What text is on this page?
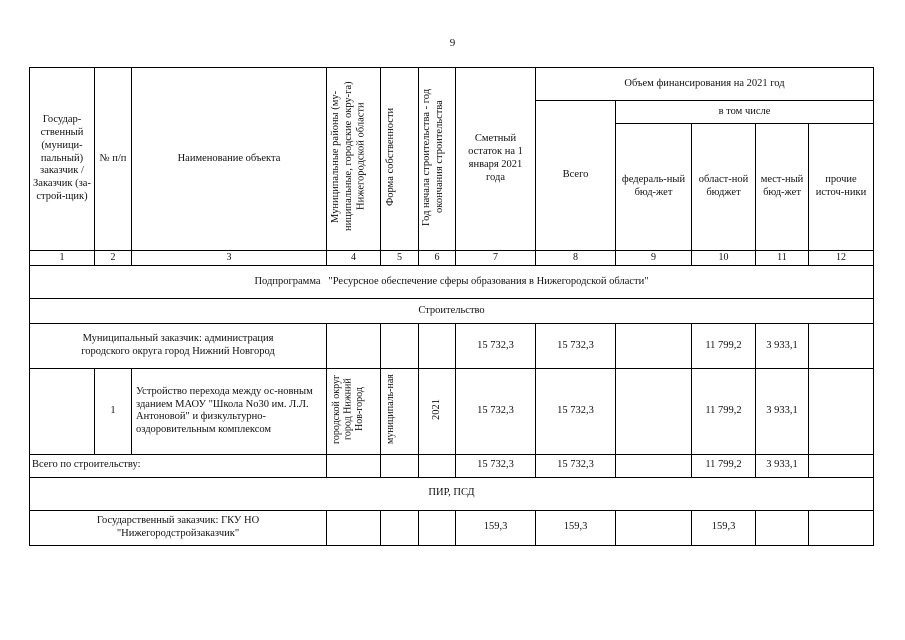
9
Государ-ственный (муници-пальный) заказчик / Заказчик (за-строй-щик)	№ п/п	Наименование объекта	Муниципальные районы (му-ниципальные, городские окру-га) Нижегородской области	Форма собственности	Год начала строительства - год окончания строительства	Сметный остаток на 1 января 2021 года	Объем финансирования на 2021 год				
							Всего	в том числе			
								федераль-ный бюд-жет	област-ной бюджет	мест-ный бюд-жет	прочие источ-ники
1	2	3	4	5	6	7	8	9	10	11	12
Подпрограмма   "Ресурсное обеспечение сферы образования в Нижегородской области"											
Строительство											
Муниципальный заказчик: администрация городского округа город Нижний Новгород						15 732,3	15 732,3		11 799,2	3 933,1	
	1	Устройство перехода между ос-новным зданием МАОУ "Школа No30 им. Л.Л. Антоновой" и физкультурно-оздоровительным комплексом	городской округ город Нижний Нов-город	муниципаль-ная	2021	15 732,3	15 732,3		11 799,2	3 933,1	
Всего по строительству:						15 732,3	15 732,3		11 799,2	3 933,1	
ПИР, ПСД											
Государственный заказчик: ГКУ НО "Нижегородстройзаказчик"						159,3	159,3		159,3		
